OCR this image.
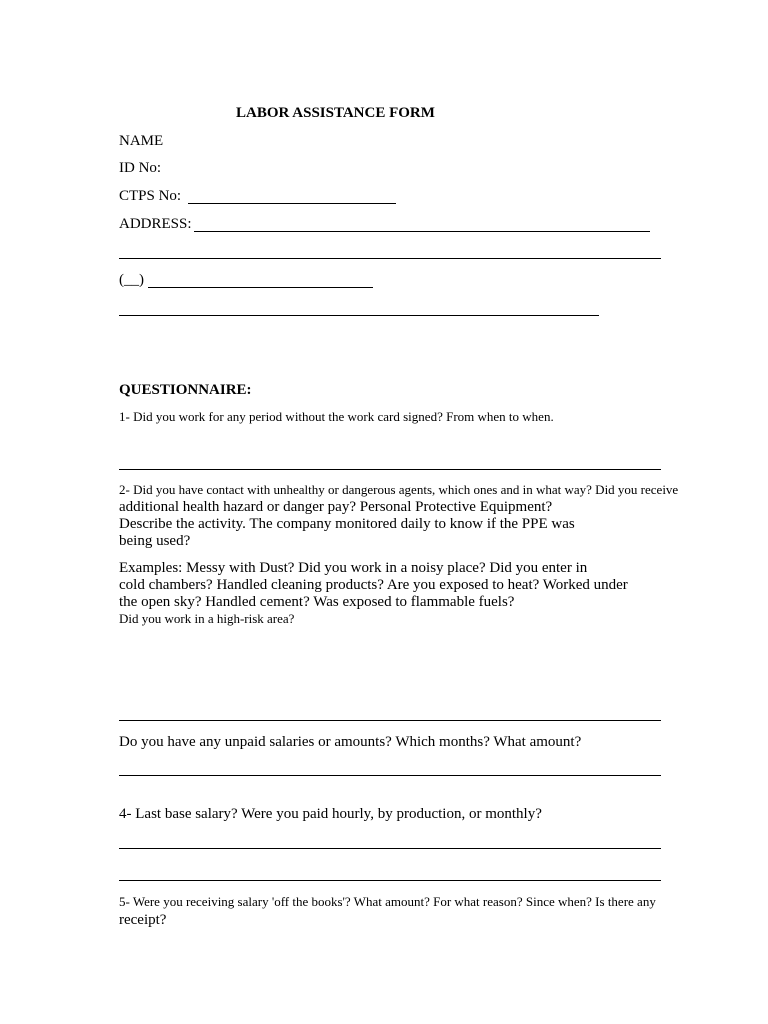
LABOR ASSISTANCE FORM
NAME
ID No:
CTPS No:
ADDRESS:
(__)
QUESTIONNAIRE:
1- Did you work for any period without the work card signed? From when to when.
2- Did you have contact with unhealthy or dangerous agents, which ones and in what way? Did you receive
additional health hazard or danger pay? Personal Protective Equipment?
Describe the activity. The company monitored daily to know if the PPE was
being used?
Examples: Messy with Dust? Did you work in a noisy place? Did you enter in
cold chambers? Handled cleaning products? Are you exposed to heat? Worked under
the open sky? Handled cement? Was exposed to flammable fuels?
Did you work in a high-risk area?
Do you have any unpaid salaries or amounts? Which months? What amount?
4- Last base salary? Were you paid hourly, by production, or monthly?
5- Were you receiving salary 'off the books'? What amount? For what reason? Since when? Is there any
receipt?
